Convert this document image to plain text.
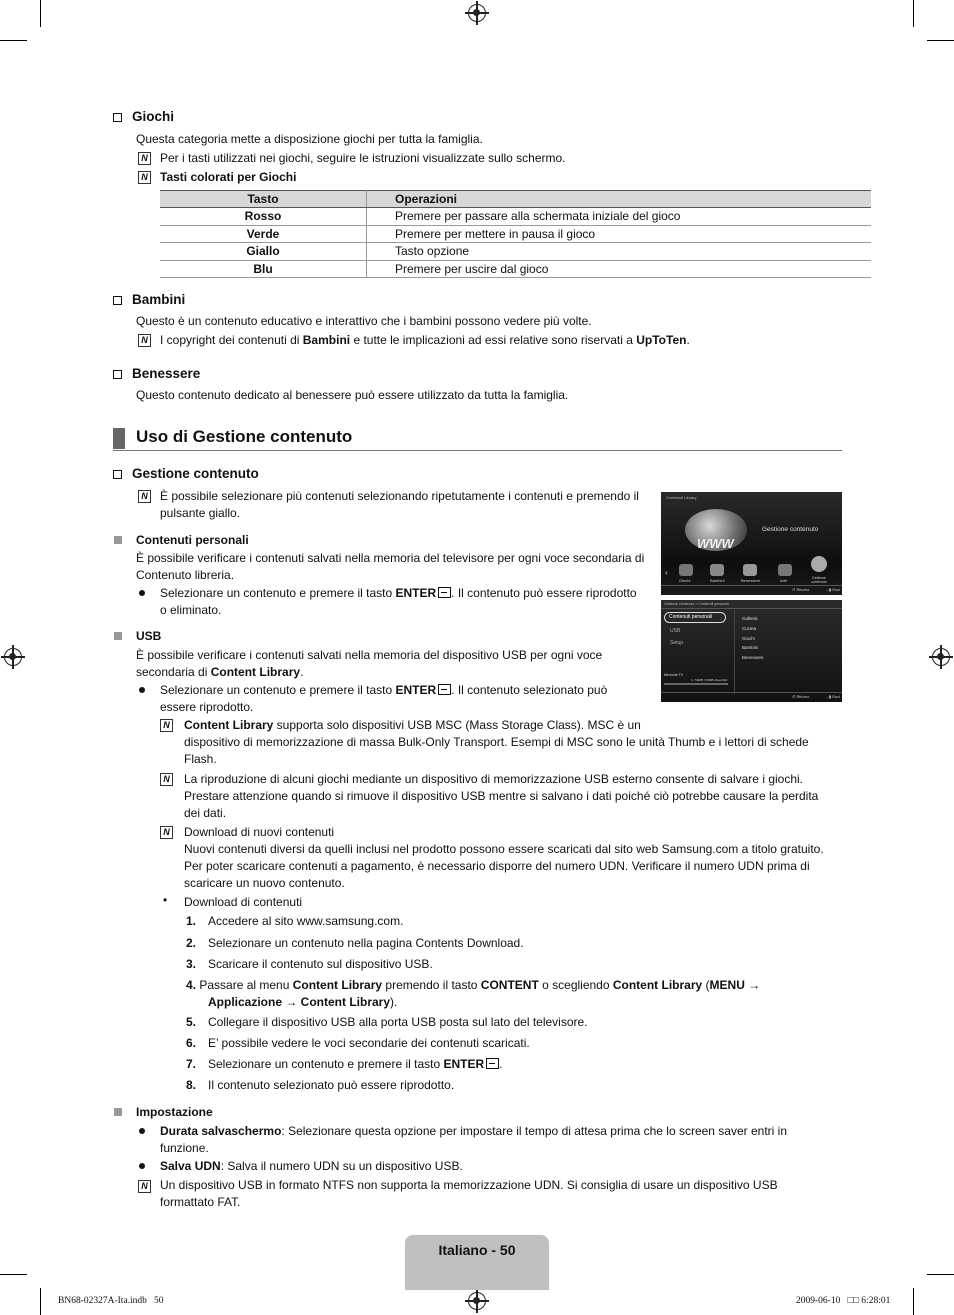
Giochi
Questa categoria mette a disposizione giochi per tutta la famiglia.
N Per i tasti utilizzati nei giochi, seguire le istruzioni visualizzate sullo schermo.
N Tasti colorati per Giochi
Tasto	Operazioni
Rosso	Premere per passare alla schermata iniziale del gioco
Verde	Premere per mettere in pausa il gioco
Giallo	Tasto opzione
Blu	Premere per uscire dal gioco
Bambini
Questo è un contenuto educativo e interattivo che i bambini possono vedere più volte.
N I copyright dei contenuti di Bambini e tutte le implicazioni ad essi relative sono riservati a UpToTen.
Benessere
Questo contenuto dedicato al benessere può essere utilizzato da tutta la famiglia.
Uso di Gestione contenuto
Gestione contenuto
N È possibile selezionare più contenuti selezionando ripetutamente i contenuti e premendo il
pulsante giallo.
Contenuti personali
È possibile verificare i contenuti salvati nella memoria del televisore per ogni voce secondaria di
Contenuto libreria.
Selezionare un contenuto e premere il tasto ENTER . Il contenuto può essere riprodotto
o eliminato.
USB
È possibile verificare i contenuti salvati nella memoria del dispositivo USB per ogni voce
secondaria di Content Library.
Selezionare un contenuto e premere il tasto ENTER . Il contenuto selezionato può
essere riprodotto.
N Content Library supporta solo dispositivi USB MSC (Mass Storage Class). MSC è un
dispositivo di memorizzazione di massa Bulk-Only Transport. Esempi di MSC sono le unità Thumb e i lettori di schede
Flash.
N La riproduzione di alcuni giochi mediante un dispositivo di memorizzazione USB esterno consente di salvare i giochi.
Prestare attenzione quando si rimuove il dispositivo USB mentre si salvano i dati poiché ciò potrebbe causare la perdita
dei dati.
N Download di nuovi contenuti
Nuovi contenuti diversi da quelli inclusi nel prodotto possono essere scaricati dal sito web Samsung.com a titolo gratuito.
Per poter scaricare contenuti a pagamento, è necessario disporre del numero UDN. Verificare il numero UDN prima di
scaricare un nuovo contenuto.
• Download di contenuti
1. Accedere al sito www.samsung.com.
2. Selezionare un contenuto nella pagina Contents Download.
3. Scaricare il contenuto sul dispositivo USB.
4. Passare al menu Content Library premendo il tasto CONTENT o scegliendo Content Library (MENU →
Applicazione → Content Library).
5. Collegare il dispositivo USB alla porta USB posta sul lato del televisore.
6. E’ possibile vedere le voci secondarie dei contenuti scaricati.
7. Selezionare un contenuto e premere il tasto ENTER .
8. Il contenuto selezionato può essere riprodotto.
Impostazione
Durata salvaschermo: Selezionare questa opzione per impostare il tempo di attesa prima che lo screen saver entri in
funzione.
Salva UDN: Salva il numero UDN su un dispositivo USB.
N Un dispositivo USB in formato NTFS non supporta la memorizzazione UDN. Si consiglia di usare un dispositivo USB
formattato FAT.
Contenuti Library
WWW
Gestione contenuto
‹
Giochi	Bambini	Benessere	Arte	Gestione contenuto
↺ Ritorno	→▮ Esci
Gestione contenuto > Contenuti personali
Contenuti personali
USB
Setup
Galleria
Cucina
Giochi
Bambini
Benessere
Memoria TV
1 / 50MB / 50MB disponibili
↺ Ritorno	→▮ Esci
Italiano - 50
BN68-02327A-Ita.indb   50	2009-06-10   □□ 6:28:01
